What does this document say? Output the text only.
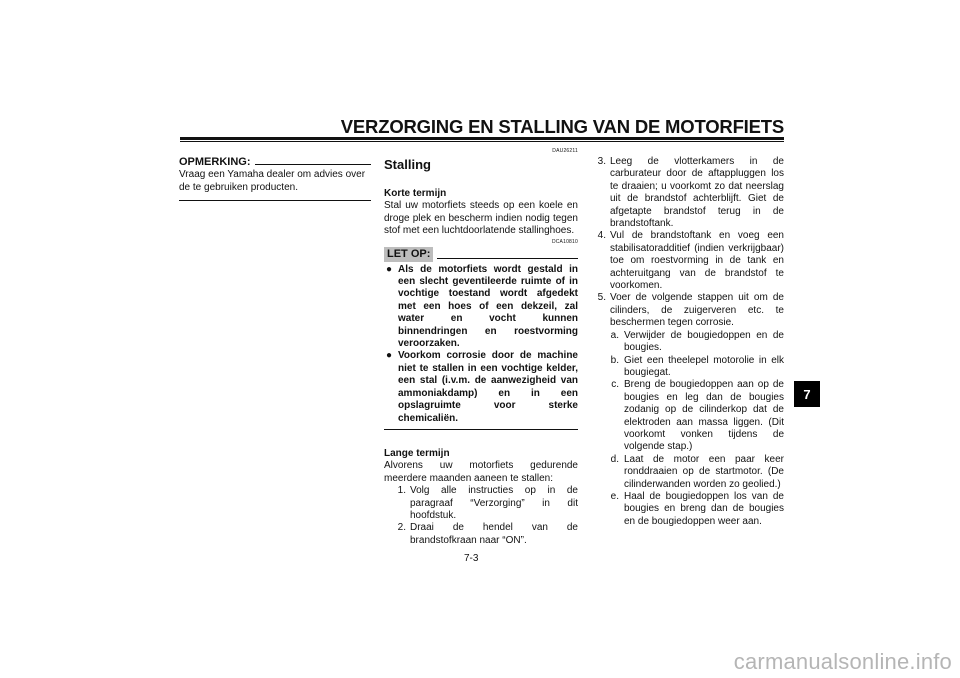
VERZORGING EN STALLING VAN DE MOTORFIETS
OPMERKING:
Vraag een Yamaha dealer om advies over de te gebruiken producten.
DAU26211
Stalling
Korte termijn
Stal uw motorfiets steeds op een koele en droge plek en bescherm indien nodig tegen stof met een luchtdoorlatende stallinghoes.
DCA10810
LET OP:
● Als de motorfiets wordt gestald in een slecht geventileerde ruimte of in vochtige toestand wordt afgedekt met een hoes of een dekzeil, zal water en vocht kunnen binnendringen en roestvorming veroorzaken.
● Voorkom corrosie door de machine niet te stallen in een vochtige kelder, een stal (i.v.m. de aanwezigheid van ammoniakdamp) en in een opslagruimte voor sterke chemicaliën.
Lange termijn
Alvorens uw motorfiets gedurende meerdere maanden aaneen te stallen:
1. Volg alle instructies op in de paragraaf “Verzorging” in dit hoofdstuk.
2. Draai de hendel van de brandstofkraan naar “ON”.
3. Leeg de vlotterkamers in de carburateur door de aftappluggen los te draaien; u voorkomt zo dat neerslag uit de brandstof achterblijft. Giet de afgetapte brandstof terug in de brandstoftank.
4. Vul de brandstoftank en voeg een stabilisatoradditief (indien verkrijgbaar) toe om roestvorming in de tank en achteruitgang van de brandstof te voorkomen.
5. Voer de volgende stappen uit om de cilinders, de zuigerveren etc. te beschermen tegen corrosie.
a. Verwijder de bougiedoppen en de bougies.
b. Giet een theelepel motorolie in elk bougiegat.
c. Breng de bougiedoppen aan op de bougies en leg dan de bougies zodanig op de cilinderkop dat de elektroden aan massa liggen. (Dit voorkomt vonken tijdens de volgende stap.)
d. Laat de motor een paar keer ronddraaien op de startmotor. (De cilinderwanden worden zo geolied.)
e. Haal de bougiedoppen los van de bougies en breng dan de bougies en de bougiedoppen weer aan.
7
7-3
carmanualsonline.info
